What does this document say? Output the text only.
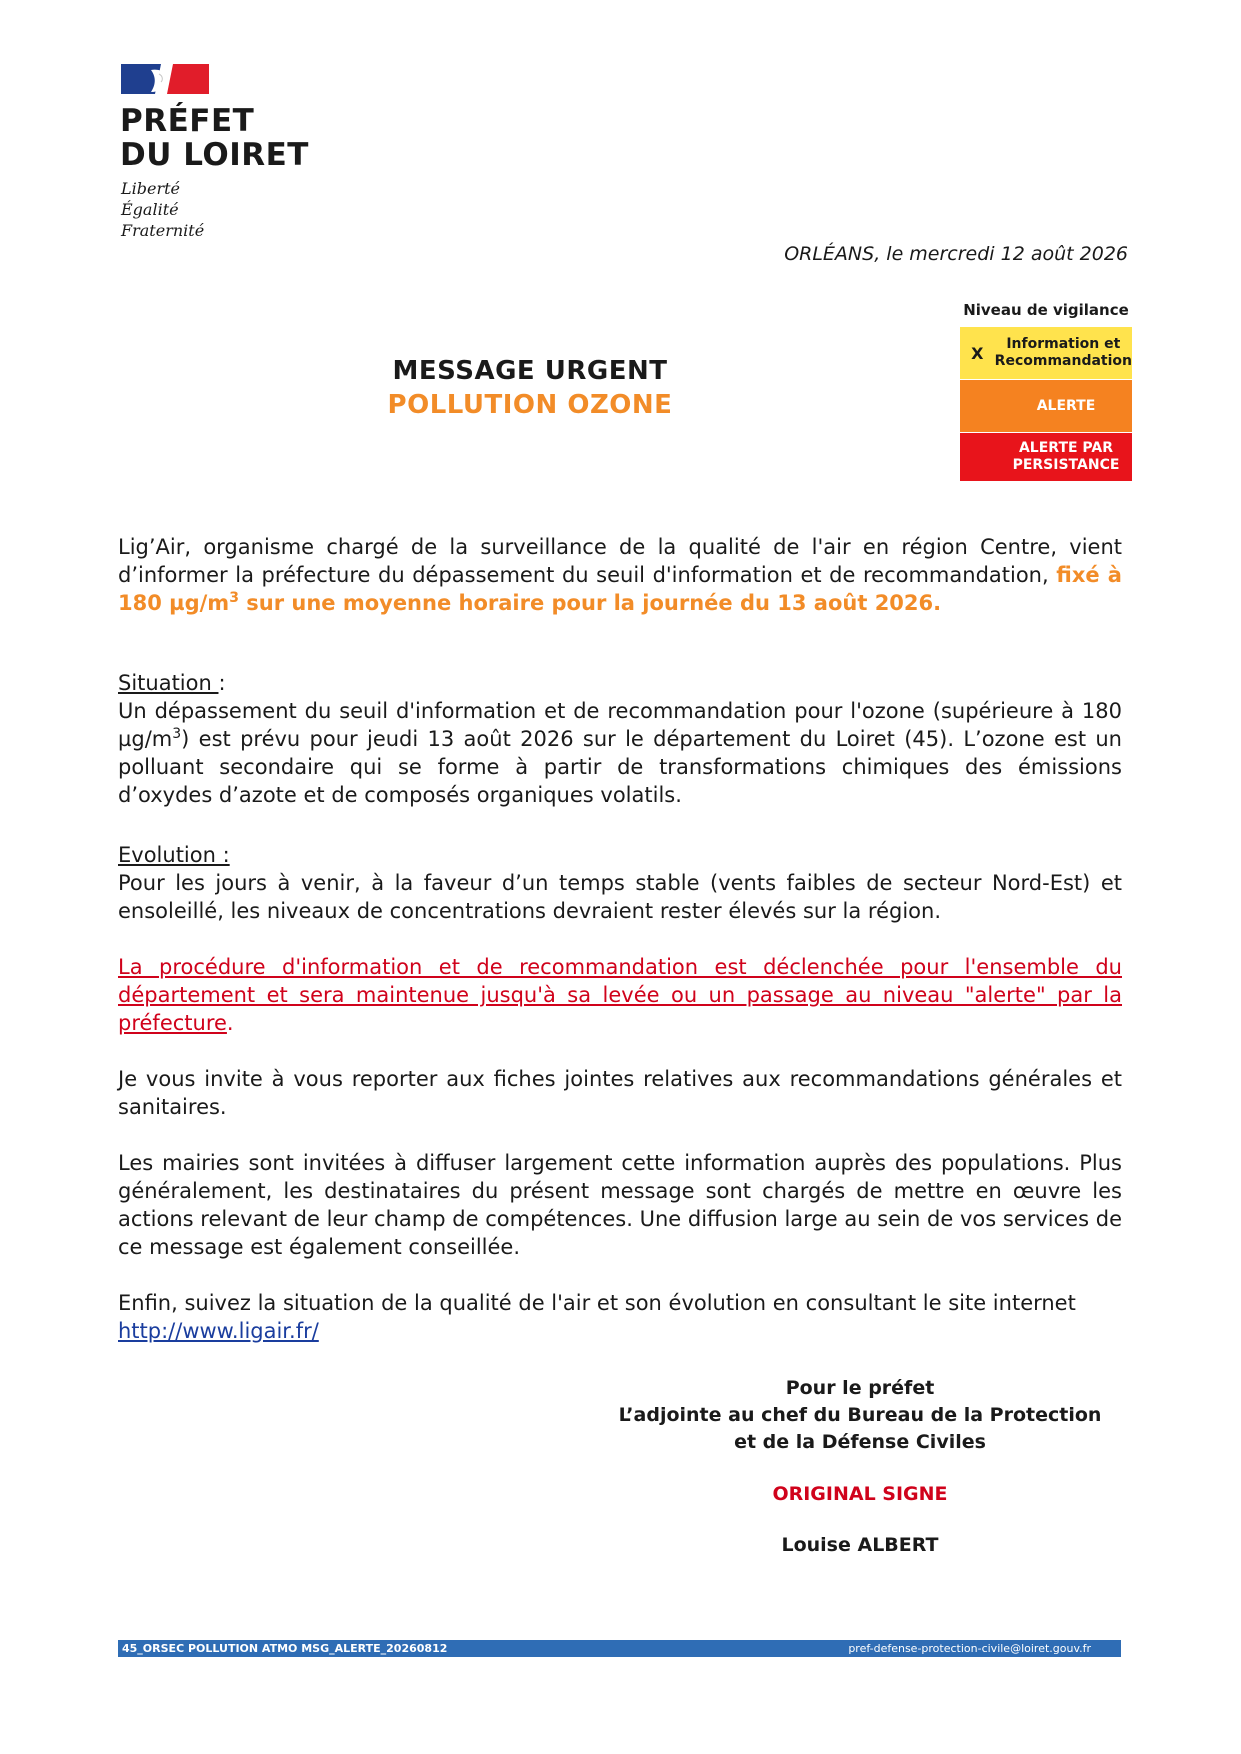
PRÉFET
DU LOIRET
Liberté
Égalité
Fraternité
ORLÉANS, le mercredi 12 août 2026
Niveau de vigilance
X	Information et Recommandation
ALERTE
ALERTE PAR PERSISTANCE
MESSAGE URGENT
POLLUTION OZONE
Lig’Air, organisme chargé de la surveillance de la qualité de l'air en région Centre, vient d’informer la préfecture du dépassement du seuil d'information et de recommandation, fixé à 180 $\mu g/m^3$ sur une moyenne horaire pour la journée du 13 août 2026.
Situation :
Un dépassement du seuil d'information et de recommandation pour l'ozone (supérieure à 180 $\mu g/m^3$) est prévu pour jeudi 13 août 2026 sur le département du Loiret (45). L’ozone est un polluant secondaire qui se forme à partir de transformations chimiques des émissions d’oxydes d’azote et de composés organiques volatils.
Evolution :
Pour les jours à venir, à la faveur d’un temps stable (vents faibles de secteur Nord-Est) et ensoleillé, les niveaux de concentrations devraient rester élevés sur la région.
La procédure d'information et de recommandation est déclenchée pour l'ensemble du département et sera maintenue jusqu'à sa levée ou un passage au niveau "alerte" par la préfecture.
Je vous invite à vous reporter aux fiches jointes relatives aux recommandations générales et sanitaires.
Les mairies sont invitées à diffuser largement cette information auprès des populations. Plus généralement, les destinataires du présent message sont chargés de mettre en œuvre les actions relevant de leur champ de compétences. Une diffusion large au sein de vos services de ce message est également conseillée.
Enfin, suivez la situation de la qualité de l'air et son évolution en consultant le site internet
http://www.ligair.fr/
Pour le préfet
L’adjointe au chef du Bureau de la Protection
et de la Défense Civiles
ORIGINAL SIGNE
Louise ALBERT
45_ORSEC POLLUTION ATMO MSG_ALERTE_20260812	pref-defense-protection-civile@loiret.gouv.fr
